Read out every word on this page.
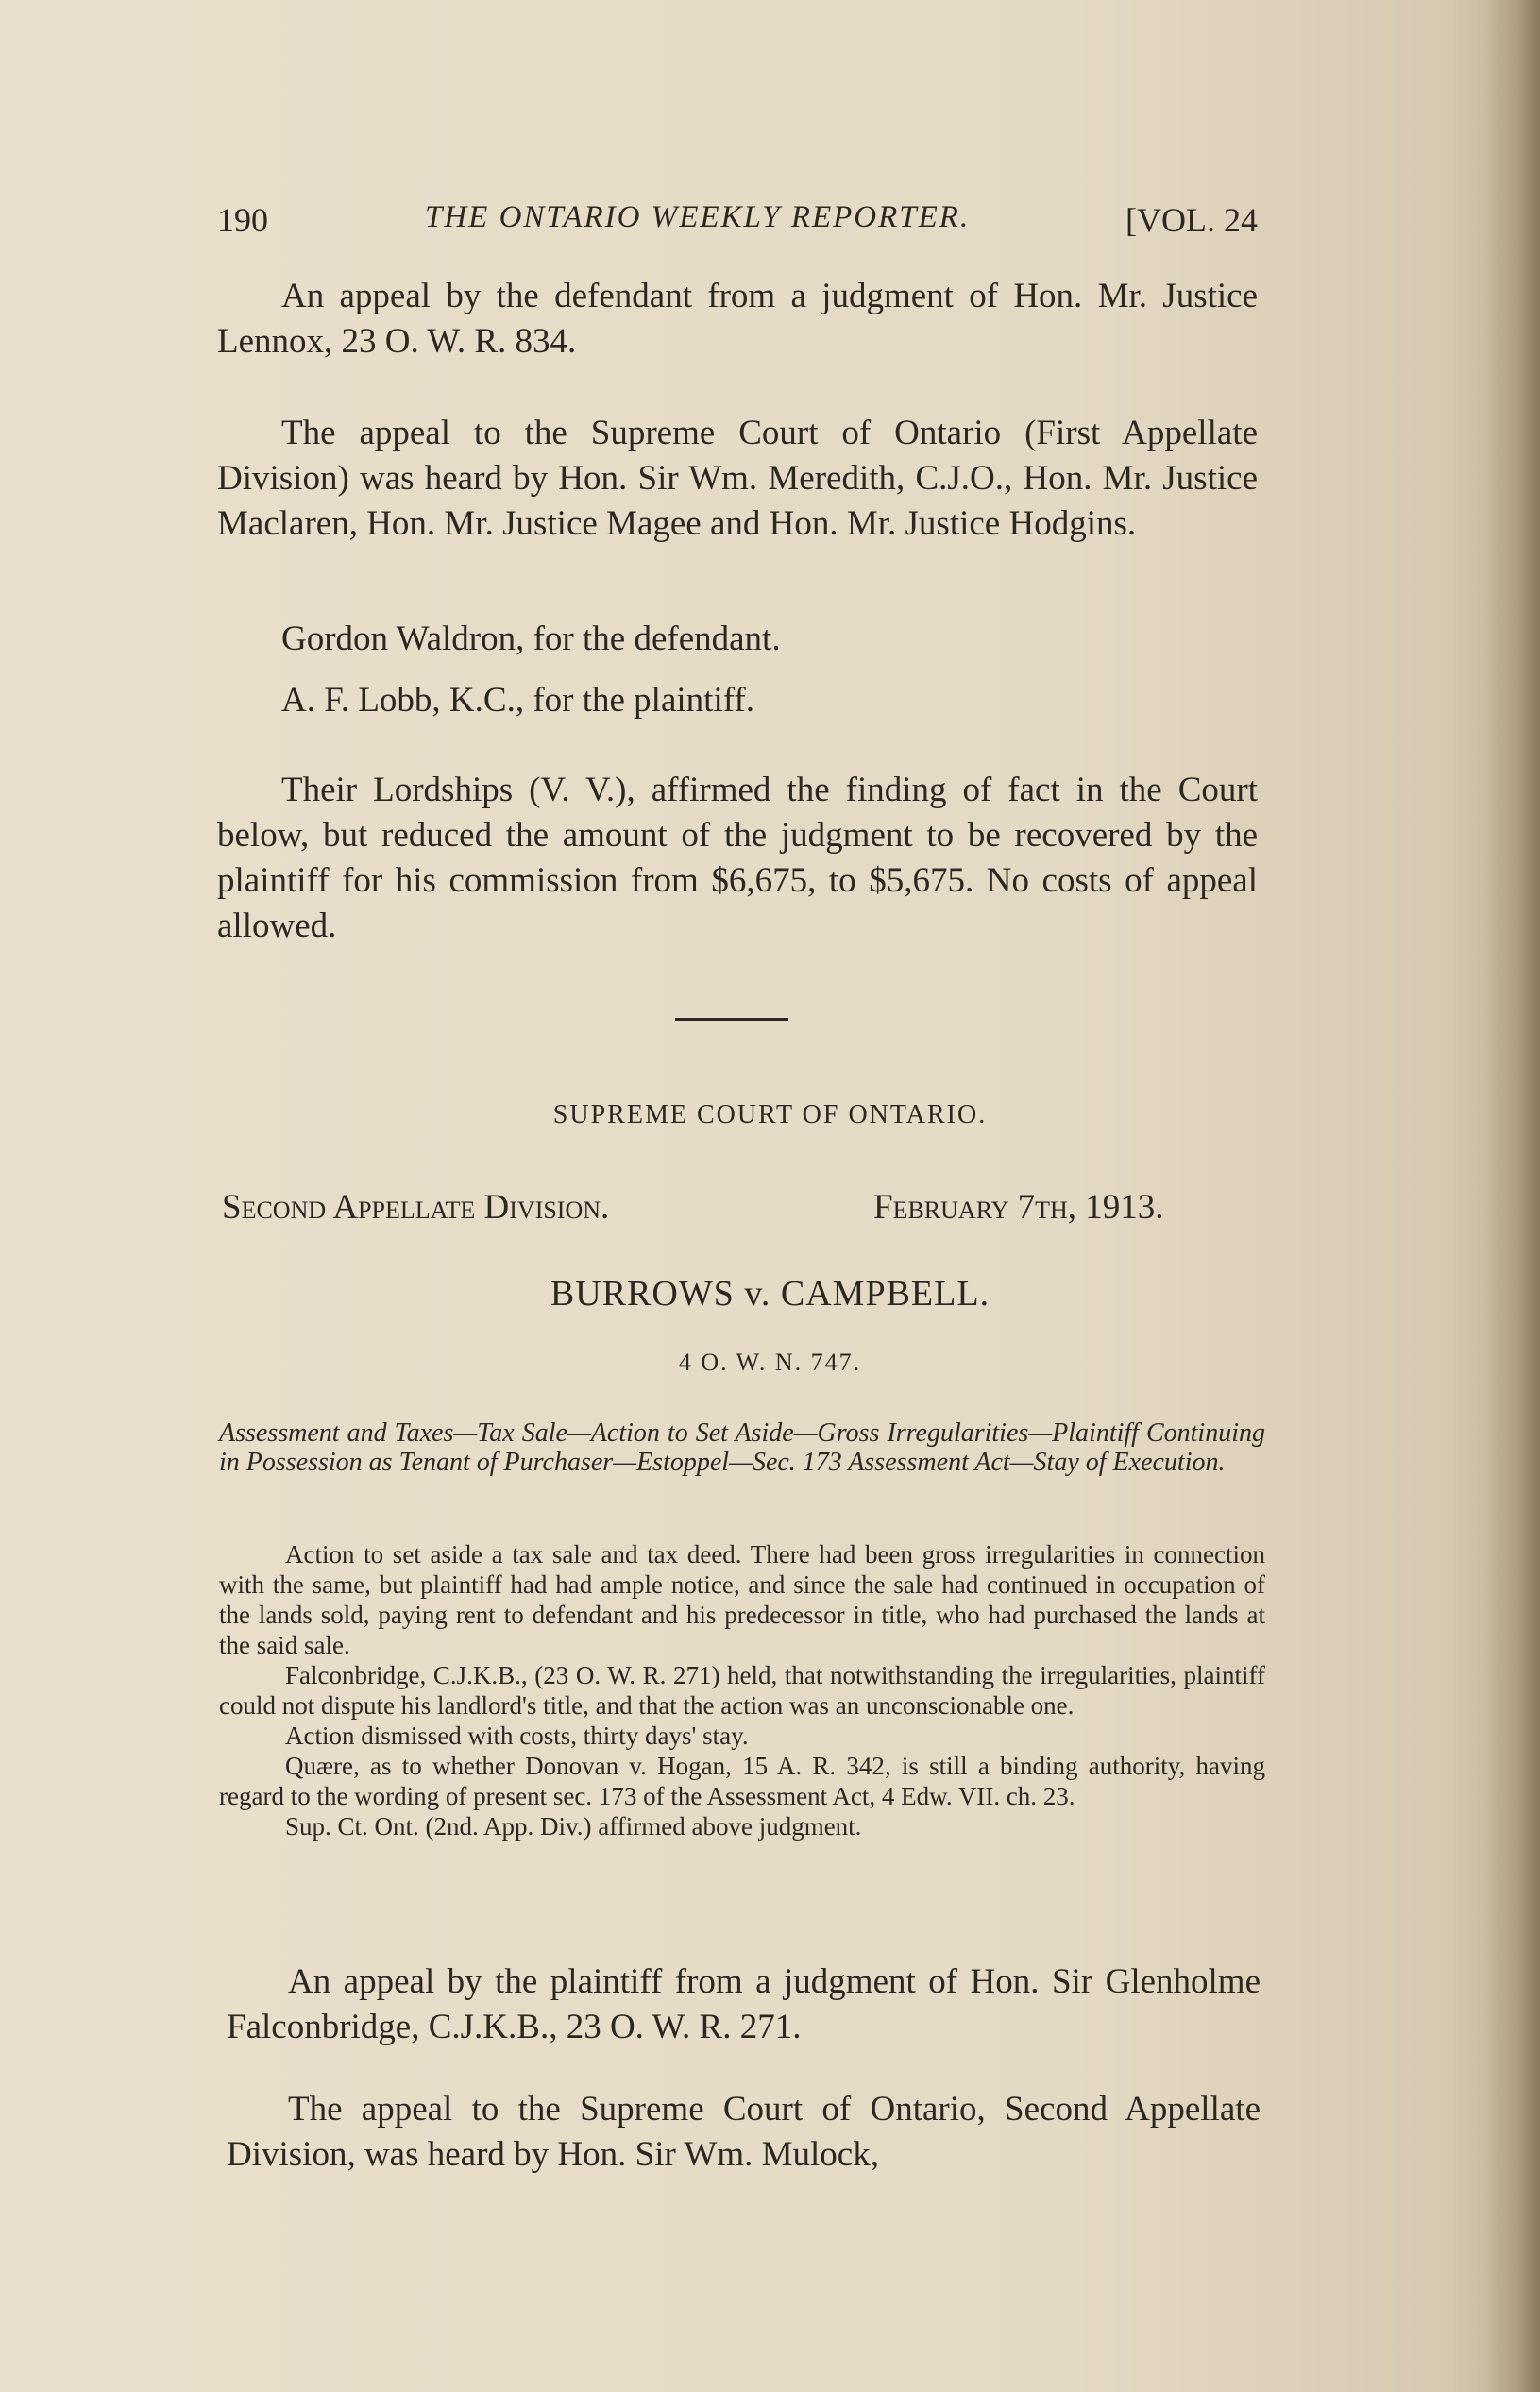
190	THE ONTARIO WEEKLY REPORTER.	[VOL. 24
An appeal by the defendant from a judgment of Hon. Mr. Justice Lennox, 23 O. W. R. 834.
The appeal to the Supreme Court of Ontario (First Appellate Division) was heard by Hon. Sir Wm. Meredith, C.J.O., Hon. Mr. Justice Maclaren, Hon. Mr. Justice Magee and Hon. Mr. Justice Hodgins.
Gordon Waldron, for the defendant.
A. F. Lobb, K.C., for the plaintiff.
Their Lordships (V. V.), affirmed the finding of fact in the Court below, but reduced the amount of the judgment to be recovered by the plaintiff for his commission from $6,675, to $5,675. No costs of appeal allowed.
SUPREME COURT OF ONTARIO.
Second Appellate Division.	February 7th, 1913.
BURROWS v. CAMPBELL.
4 O. W. N. 747.
Assessment and Taxes—Tax Sale—Action to Set Aside—Gross Irregularities—Plaintiff Continuing in Possession as Tenant of Purchaser—Estoppel—Sec. 173 Assessment Act—Stay of Execution.

Action to set aside a tax sale and tax deed. There had been gross irregularities in connection with the same, but plaintiff had had ample notice, and since the sale had continued in occupation of the lands sold, paying rent to defendant and his predecessor in title, who had purchased the lands at the said sale.

Falconbridge, C.J.K.B., (23 O. W. R. 271) held, that notwithstanding the irregularities, plaintiff could not dispute his landlord's title, and that the action was an unconscionable one.

Action dismissed with costs, thirty days' stay.

Quære, as to whether Donovan v. Hogan, 15 A. R. 342, is still a binding authority, having regard to the wording of present sec. 173 of the Assessment Act, 4 Edw. VII. ch. 23.

Sup. Ct. Ont. (2nd. App. Div.) affirmed above judgment.

An appeal by the plaintiff from a judgment of Hon. Sir Glenholme Falconbridge, C.J.K.B., 23 O. W. R. 271.
The appeal to the Supreme Court of Ontario, Second Appellate Division, was heard by Hon. Sir Wm. Mulock,
